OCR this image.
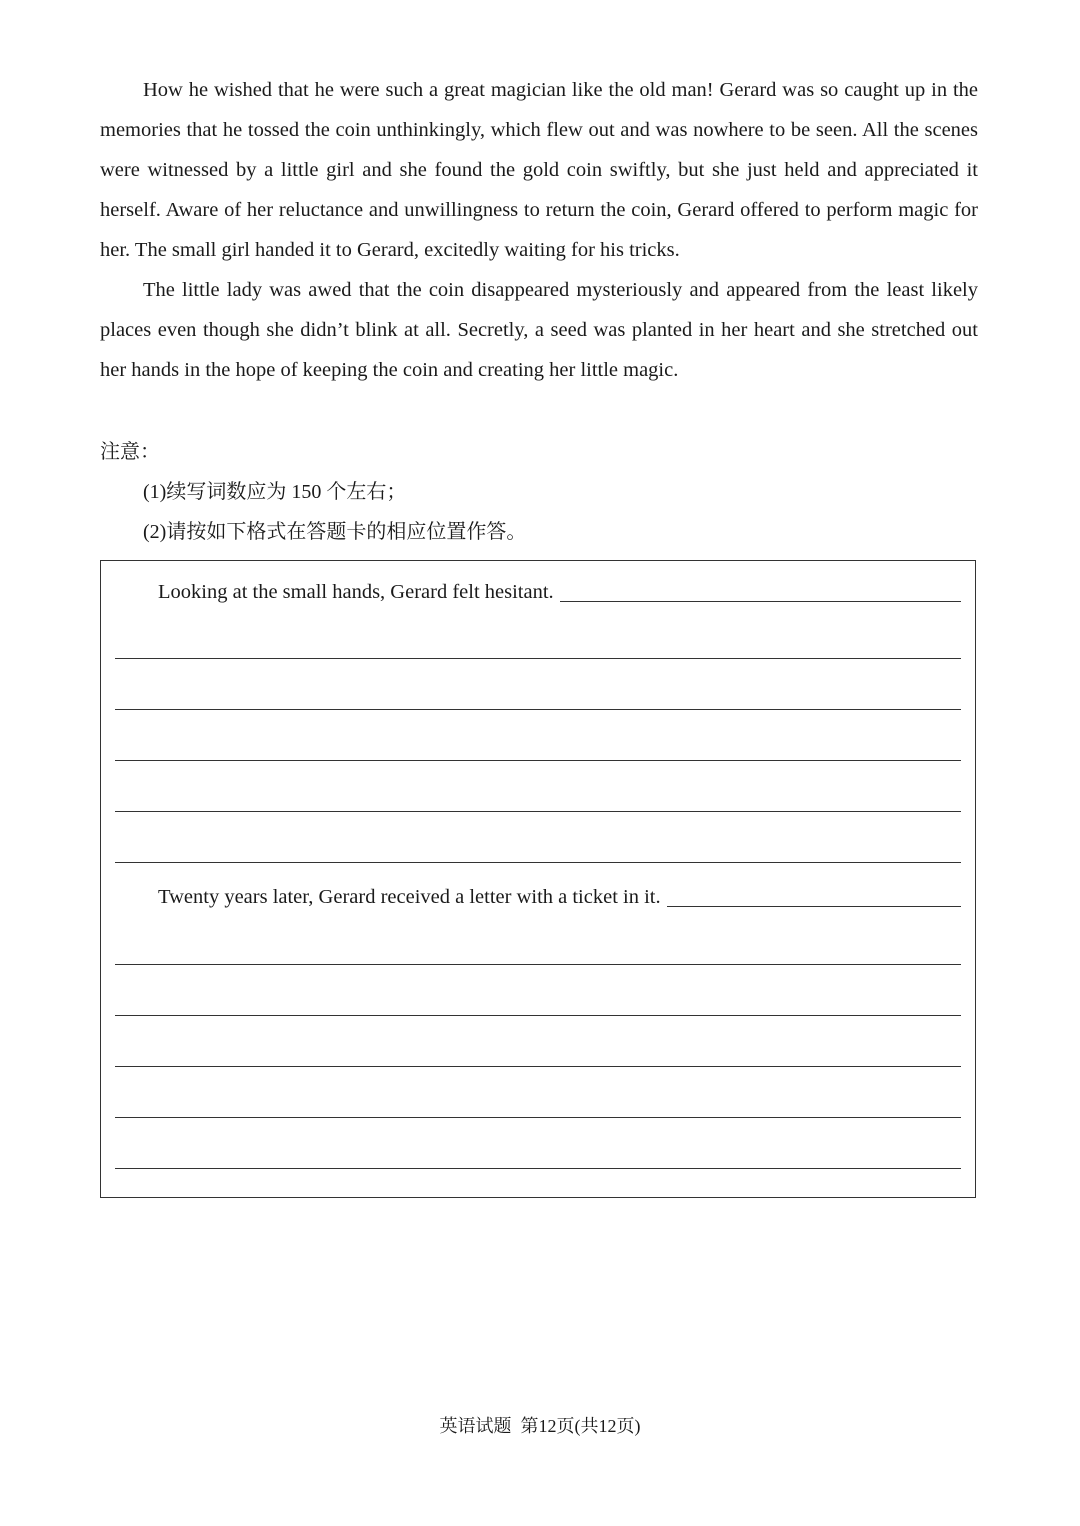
How he wished that he were such a great magician like the old man! Gerard was so caught up in the memories that he tossed the coin unthinkingly, which flew out and was nowhere to be seen. All the scenes were witnessed by a little girl and she found the gold coin swiftly, but she just held and appreciated it herself. Aware of her reluctance and unwillingness to return the coin, Gerard offered to perform magic for her. The small girl handed it to Gerard, excitedly waiting for his tricks.

The little lady was awed that the coin disappeared mysteriously and appeared from the least likely places even though she didn’t blink at all. Secretly, a seed was planted in her heart and she stretched out her hands in the hope of keeping the coin and creating her little magic.

注意：
(1)续写词数应为 150 个左右；
(2)请按如下格式在答题卡的相应位置作答。
Looking at the small hands, Gerard felt hesitant.
Twenty years later, Gerard received a letter with a ticket in it.
英语试题 第12页(共12页)
